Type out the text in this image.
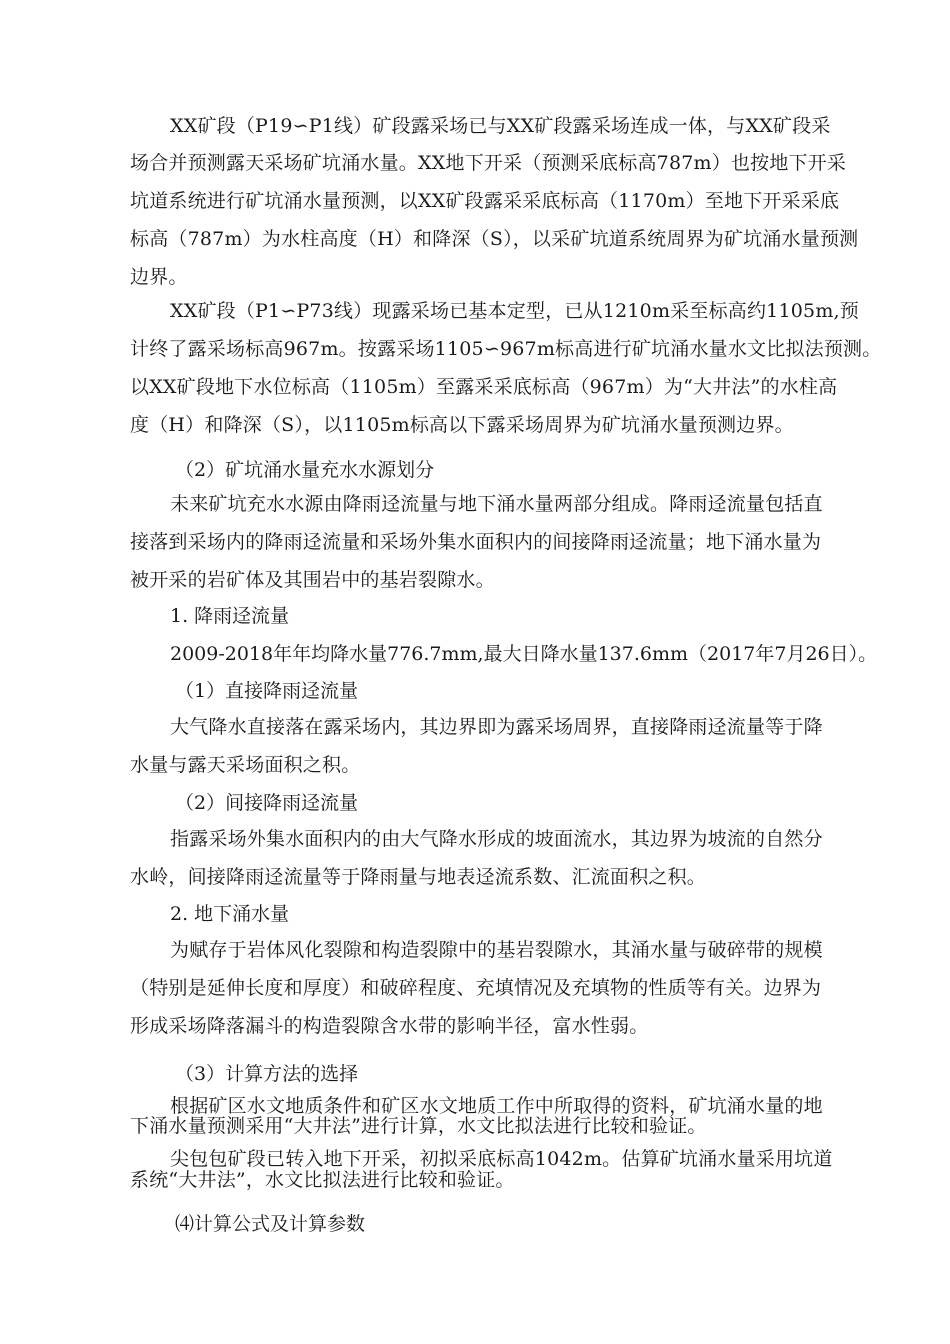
XX矿段（P19∽P1线）矿段露采场已与XX矿段露采场连成一体，与XX矿段采
场合并预测露天采场矿坑涌水量。XX地下开采（预测采底标高787m）也按地下开采
坑道系统进行矿坑涌水量预测，以XX矿段露采采底标高（1170m）至地下开采采底
标高（787m）为水柱高度（H）和降深（S），以采矿坑道系统周界为矿坑涌水量预测
边界。
XX矿段（P1∽P73线）现露采场已基本定型，已从1210m采至标高约1105m,预
计终了露采场标高967m。按露采场1105∽967m标高进行矿坑涌水量水文比拟法预测。
以XX矿段地下水位标高（1105m）至露采采底标高（967m）为“大井法”的水柱高
度（H）和降深（S），以1105m标高以下露采场周界为矿坑涌水量预测边界。
（2）矿坑涌水量充水水源划分
未来矿坑充水水源由降雨迳流量与地下涌水量两部分组成。降雨迳流量包括直
接落到采场内的降雨迳流量和采场外集水面积内的间接降雨迳流量；地下涌水量为
被开采的岩矿体及其围岩中的基岩裂隙水。
1. 降雨迳流量
2009-2018年年均降水量776.7mm,最大日降水量137.6mm（2017年7月26日）。
（1）直接降雨迳流量
大气降水直接落在露采场内，其边界即为露采场周界，直接降雨迳流量等于降
水量与露天采场面积之积。
（2）间接降雨迳流量
指露采场外集水面积内的由大气降水形成的坡面流水，其边界为坡流的自然分
水岭，间接降雨迳流量等于降雨量与地表迳流系数、汇流面积之积。
2. 地下涌水量
为赋存于岩体风化裂隙和构造裂隙中的基岩裂隙水，其涌水量与破碎带的规模
（特别是延伸长度和厚度）和破碎程度、充填情况及充填物的性质等有关。边界为
形成采场降落漏斗的构造裂隙含水带的影响半径，富水性弱。
（3）计算方法的选择
根据矿区水文地质条件和矿区水文地质工作中所取得的资料，矿坑涌水量的地
下涌水量预测采用“大井法”进行计算，水文比拟法进行比较和验证。
尖包包矿段已转入地下开采，初拟采底标高1042m。估算矿坑涌水量采用坑道
系统“大井法”，水文比拟法进行比较和验证。
⑷计算公式及计算参数
